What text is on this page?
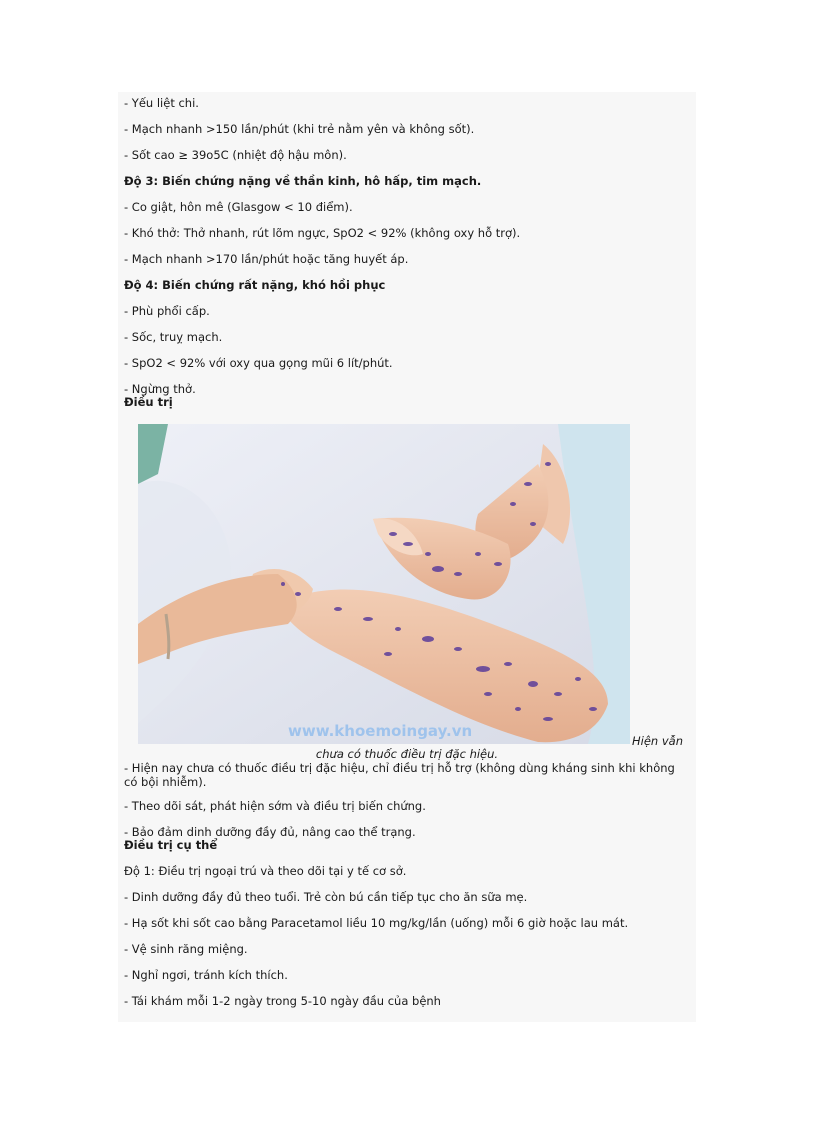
- Yếu liệt chi.
- Mạch nhanh >150 lần/phút (khi trẻ nằm yên và không sốt).
- Sốt cao ≥ 39o5C (nhiệt độ hậu môn).
Độ 3: Biến chứng nặng về thần kinh, hô hấp, tim mạch.
- Co giật, hôn mê (Glasgow < 10 điểm).
- Khó thở: Thở nhanh, rút lõm ngực, SpO2 < 92% (không oxy hỗ trợ).
- Mạch nhanh >170 lần/phút hoặc tăng huyết áp.
Độ 4: Biến chứng rất nặng, khó hồi phục
- Phù phổi cấp.
- Sốc, truỵ mạch.
- SpO2 < 92% với oxy qua gọng mũi 6 lít/phút.
- Ngừng thở.
Điều trị
www.khoemoingay.vn
Hiện vẫn
chưa có thuốc điều trị đặc hiệu.
- Hiện nay chưa có thuốc điều trị đặc hiệu, chỉ điều trị hỗ trợ (không dùng kháng sinh khi không có bội nhiễm).
- Theo dõi sát, phát hiện sớm và điều trị biến chứng.
- Bảo đảm dinh dưỡng đầy đủ, nâng cao thể trạng.
Điều trị cụ thể
Độ 1: Điều trị ngoại trú và theo dõi tại y tế cơ sở.
- Dinh dưỡng đầy đủ theo tuổi. Trẻ còn bú cần tiếp tục cho ăn sữa mẹ.
- Hạ sốt khi sốt cao bằng Paracetamol liều 10 mg/kg/lần (uống) mỗi 6 giờ hoặc lau mát.
- Vệ sinh răng miệng.
- Nghỉ ngơi, tránh kích thích.
- Tái khám mỗi 1-2 ngày trong 5-10 ngày đầu của bệnh
